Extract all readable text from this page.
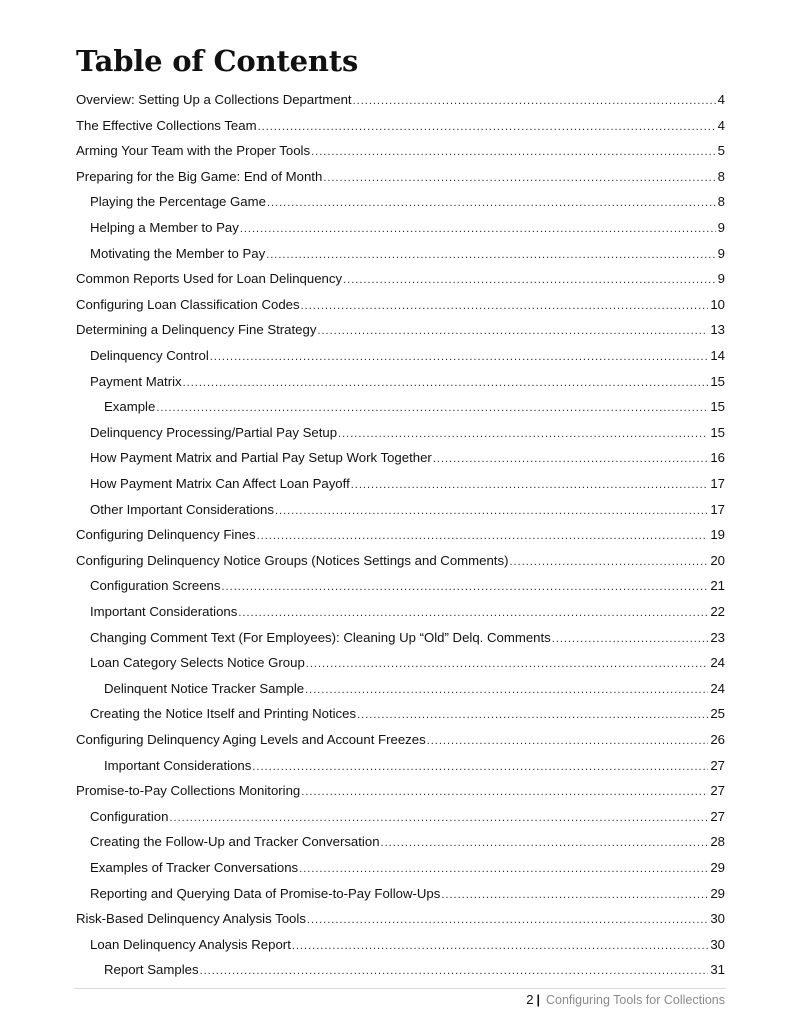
Table of Contents
Overview: Setting Up a Collections Department .....	4
The Effective Collections Team .....	4
Arming Your Team with the Proper Tools .....	5
Preparing for the Big Game: End of Month .....	8
Playing the Percentage Game .....	8
Helping a Member to Pay .....	9
Motivating the Member to Pay .....	9
Common Reports Used for Loan Delinquency .....	9
Configuring Loan Classification Codes .....	10
Determining a Delinquency Fine Strategy .....	13
Delinquency Control .....	14
Payment Matrix .....	15
Example .....	15
Delinquency Processing/Partial Pay Setup .....	15
How Payment Matrix and Partial Pay Setup Work Together .....	16
How Payment Matrix Can Affect Loan Payoff .....	17
Other Important Considerations .....	17
Configuring Delinquency Fines .....	19
Configuring Delinquency Notice Groups (Notices Settings and Comments) .....	20
Configuration Screens .....	21
Important Considerations .....	22
Changing Comment Text (For Employees): Cleaning Up “Old” Delq. Comments .....	23
Loan Category Selects Notice Group .....	24
Delinquent Notice Tracker Sample .....	24
Creating the Notice Itself and Printing Notices .....	25
Configuring Delinquency Aging Levels and Account Freezes .....	26
Important Considerations .....	27
Promise-to-Pay Collections Monitoring .....	27
Configuration .....	27
Creating the Follow-Up and Tracker Conversation .....	28
Examples of Tracker Conversations .....	29
Reporting and Querying Data of Promise-to-Pay Follow-Ups .....	29
Risk-Based Delinquency Analysis Tools .....	30
Loan Delinquency Analysis Report .....	30
Report Samples .....	31
2 | Configuring Tools for Collections
